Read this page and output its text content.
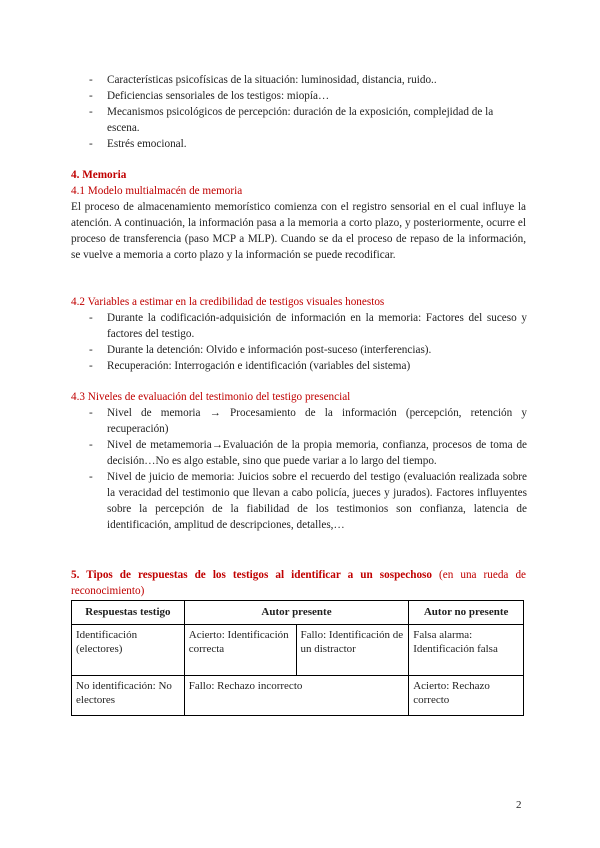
- Características psicofísicas de la situación: luminosidad, distancia, ruido..
- Deficiencias sensoriales de los testigos: miopía…
- Mecanismos psicológicos de percepción: duración de la exposición, complejidad de la escena.
- Estrés emocional.
4. Memoria
4.1 Modelo multialmacén de memoria

El proceso de almacenamiento memorístico comienza con el registro sensorial en el cual influye la atención. A continuación, la información pasa a la memoria a corto plazo, y posteriormente, ocurre el proceso de transferencia (paso MCP a MLP). Cuando se da el proceso de repaso de la información, se vuelve a memoria a corto plazo y la información se puede recodificar.

4.2 Variables a estimar en la credibilidad de testigos visuales honestos
- Durante la codificación-adquisición de información en la memoria: Factores del suceso y factores del testigo.
- Durante la detención: Olvido e información post-suceso (interferencias).
- Recuperación: Interrogación e identificación (variables del sistema)
4.3 Niveles de evaluación del testimonio del testigo presencial
- Nivel de memoria → Procesamiento de la información (percepción, retención y recuperación)
- Nivel de metamemoria→Evaluación de la propia memoria, confianza, procesos de toma de decisión…No es algo estable, sino que puede variar a lo largo del tiempo.
- Nivel de juicio de memoria: Juicios sobre el recuerdo del testigo (evaluación realizada sobre la veracidad del testimonio que llevan a cabo policía, jueces y jurados). Factores influyentes sobre la percepción de la fiabilidad de los testimonios son confianza, latencia de identificación, amplitud de descripciones, detalles,…
5. Tipos de respuestas de los testigos al identificar a un sospechoso (en una rueda de reconocimiento)
Respuestas testigo	Autor presente		Autor no presente
Identificación (electores)	Acierto: Identificación correcta	Fallo: Identificación de un distractor	Falsa alarma: Identificación falsa
No identificación: No electores	Fallo: Rechazo incorrecto		Acierto: Rechazo correcto
2
